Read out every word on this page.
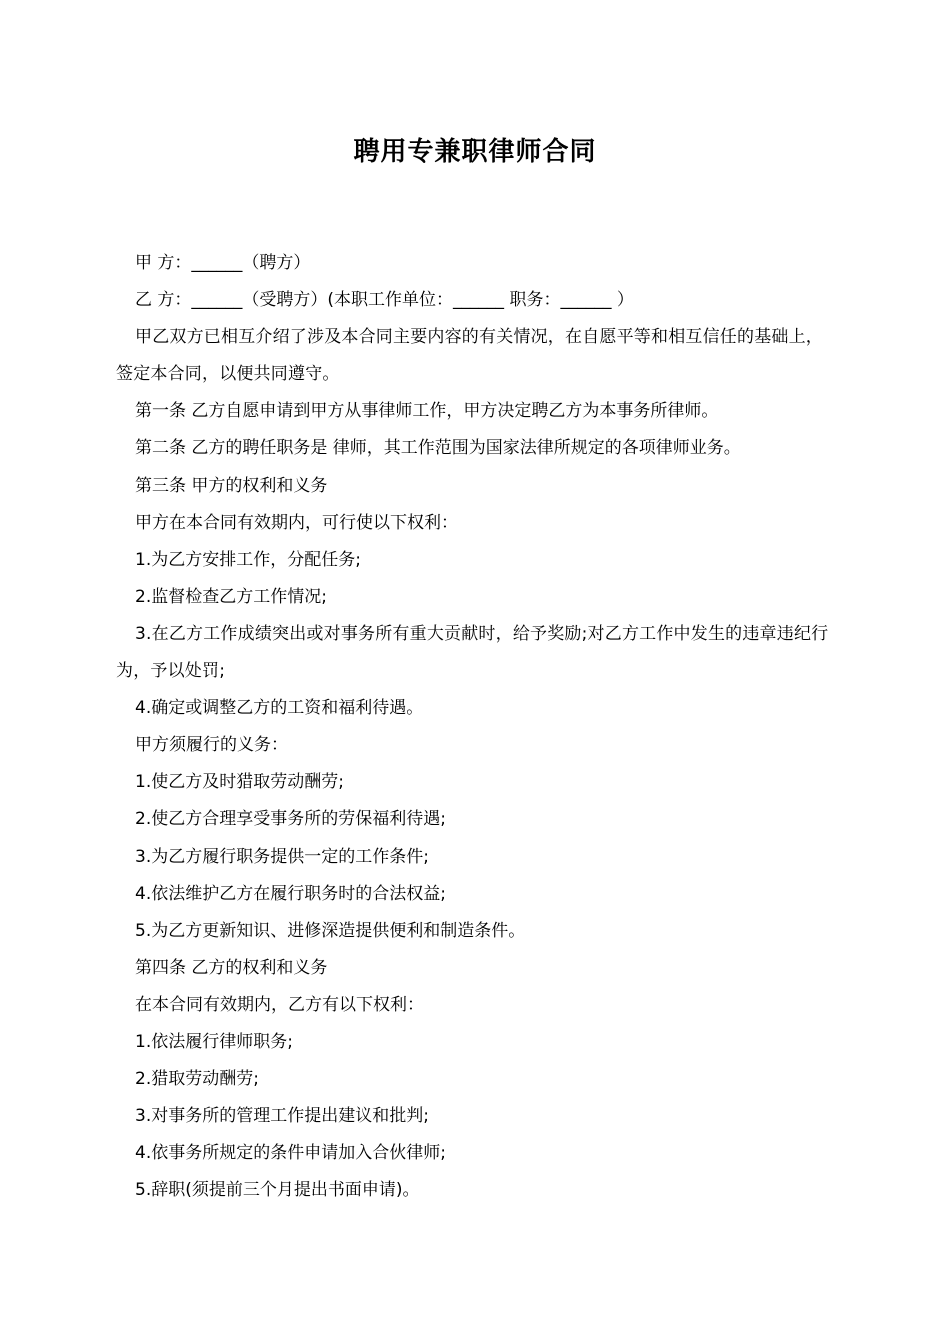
聘用专兼职律师合同

甲 方：______（聘方）

乙 方：______（受聘方）(本职工作单位：______ 职务：______ ）

甲乙双方已相互介绍了涉及本合同主要内容的有关情况，在自愿平等和相互信任的基础上，签定本合同，以便共同遵守。

第一条 乙方自愿申请到甲方从事律师工作，甲方决定聘乙方为本事务所律师。

第二条 乙方的聘任职务是 律师，其工作范围为国家法律所规定的各项律师业务。

第三条 甲方的权利和义务

甲方在本合同有效期内，可行使以下权利：

1.为乙方安排工作，分配任务;

2.监督检查乙方工作情况;

3.在乙方工作成绩突出或对事务所有重大贡献时，给予奖励;对乙方工作中发生的违章违纪行为，予以处罚;

4.确定或调整乙方的工资和福利待遇。

甲方须履行的义务：

1.使乙方及时猎取劳动酬劳;

2.使乙方合理享受事务所的劳保福利待遇;

3.为乙方履行职务提供一定的工作条件;

4.依法维护乙方在履行职务时的合法权益;

5.为乙方更新知识、进修深造提供便利和制造条件。

第四条 乙方的权利和义务

在本合同有效期内，乙方有以下权利：

1.依法履行律师职务;

2.猎取劳动酬劳;

3.对事务所的管理工作提出建议和批判;

4.依事务所规定的条件申请加入合伙律师;

5.辞职(须提前三个月提出书面申请)。
